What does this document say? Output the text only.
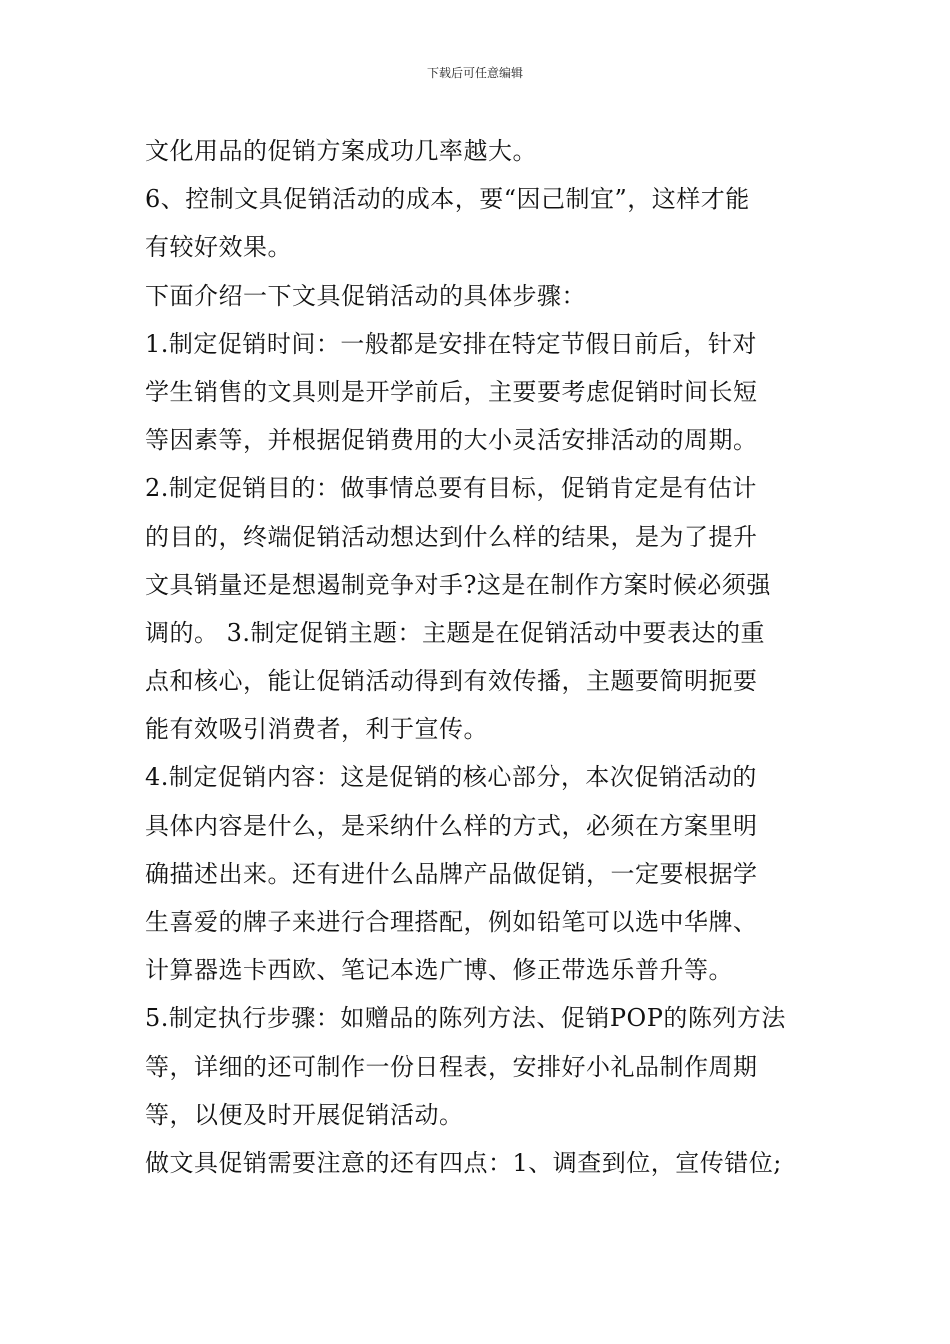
下载后可任意编辑
文化用品的促销方案成功几率越大。
6、控制文具促销活动的成本，要“因己制宜”，这样才能
有较好效果。
下面介绍一下文具促销活动的具体步骤：
1.制定促销时间：一般都是安排在特定节假日前后，针对
学生销售的文具则是开学前后，主要要考虑促销时间长短
等因素等，并根据促销费用的大小灵活安排活动的周期。
2.制定促销目的：做事情总要有目标，促销肯定是有估计
的目的，终端促销活动想达到什么样的结果，是为了提升
文具销量还是想遏制竞争对手?这是在制作方案时候必须强
调的。 3.制定促销主题：主题是在促销活动中要表达的重
点和核心，能让促销活动得到有效传播，主题要简明扼要
能有效吸引消费者，利于宣传。
4.制定促销内容：这是促销的核心部分，本次促销活动的
具体内容是什么，是采纳什么样的方式，必须在方案里明
确描述出来。还有进什么品牌产品做促销，一定要根据学
生喜爱的牌子来进行合理搭配，例如铅笔可以选中华牌、
计算器选卡西欧、笔记本选广博、修正带选乐普升等。
5.制定执行步骤：如赠品的陈列方法、促销POP的陈列方法
等，详细的还可制作一份日程表，安排好小礼品制作周期
等，以便及时开展促销活动。
做文具促销需要注意的还有四点：1、调查到位，宣传错位;
